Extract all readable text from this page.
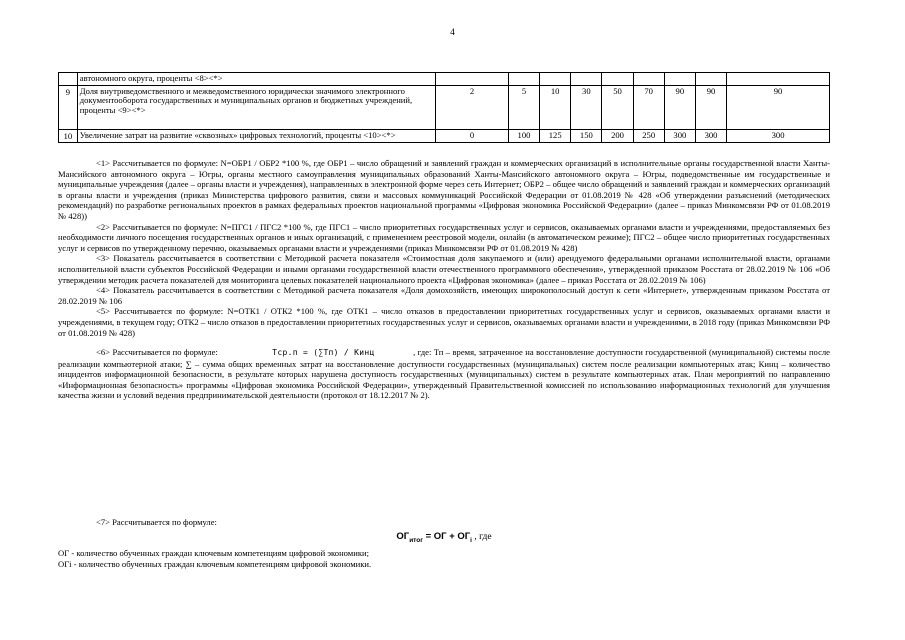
4
	автономного округа, проценты <8><*>									
9	Доля внутриведомственного и межведомственного юридически значимого электронного документооборота государственных и муниципальных органов и бюджетных учреждений, проценты <9><*>	2	5	10	30	50	70	90	90	90
10	Увеличение затрат на развитие «сквозных» цифровых технологий, проценты <10><*>	0	100	125	150	200	250	300	300	300

<1> Рассчитывается по формуле: N=ОБР1 / ОБР2 *100 %, где ОБР1 – число обращений и заявлений граждан и коммерческих организаций в исполнительные органы государственной власти Ханты-Мансийского автономного округа – Югры, органы местного самоуправления муниципальных образований Ханты-Мансийского автономного округа – Югры, подведомственные им государственные и муниципальные учреждения (далее – органы власти и учреждения), направленных в электронной форме через сеть Интернет; ОБР2 – общее число обращений и заявлений граждан и коммерческих организаций в органы власти и учреждения (приказ Министерства цифрового развития, связи и массовых коммуникаций Российской Федерации от 01.08.2019 № 428 «Об утверждении разъяснений (методических рекомендаций) по разработке региональных проектов в рамках федеральных проектов национальной программы «Цифровая экономика Российской Федерации» (далее – приказ Минкомсвязи РФ от 01.08.2019 № 428))

<2> Рассчитывается по формуле: N=ПГС1 / ПГС2 *100 %, где ПГС1 – число приоритетных государственных услуг и сервисов, оказываемых органами власти и учреждениями, предоставляемых без необходимости личного посещения государственных органов и иных организаций, с применением реестровой модели, онлайн (в автоматическом режиме); ПГС2 – общее число приоритетных государственных услуг и сервисов по утвержденному перечню, оказываемых органами власти и учреждениями (приказ Минкомсвязи РФ от 01.08.2019 № 428)

<3> Показатель рассчитывается в соответствии с Методикой расчета показателя «Стоимостная доля закупаемого и (или) арендуемого федеральными органами исполнительной власти, органами исполнительной власти субъектов Российской Федерации и иными органами государственной власти отечественного программного обеспечения», утвержденной приказом Росстата от 28.02.2019 № 106 «Об утверждении методик расчета показателей для мониторинга целевых показателей национального проекта «Цифровая экономика» (далее – приказ Росстата от 28.02.2019 № 106)

<4> Показатель рассчитывается в соответствии с Методикой расчета показателя «Доля домохозяйств, имеющих широкополосный доступ к сети «Интернет», утвержденным приказом Росстата от 28.02.2019 № 106

<5> Рассчитывается по формуле: N=ОТК1 / ОТК2 *100 %, где ОТК1 – число отказов в предоставлении приоритетных государственных услуг и сервисов, оказываемых органами власти и учреждениями, в текущем году; ОТК2 – число отказов в предоставлении приоритетных государственных услуг и сервисов, оказываемых органами власти и учреждениями, в 2018 году (приказ Минкомсвязи РФ от 01.08.2019 № 428)

<6> Рассчитывается по формуле:	Тср.п = (∑Тп) / Кинц	, где: Тп – время, затраченное на восстановление доступности государственной (муниципальной) системы после реализации компьютерной атаки; ∑ – сумма общих временных затрат на восстановление доступности государственных (муниципальных) систем после реализации компьютерных атак; Кинц – количество инцидентов информационной безопасности, в результате которых нарушена доступность государственных (муниципальных) систем в результате компьютерных атак. План мероприятий по направлению «Информационная безопасность» программы «Цифровая экономика Российской Федерации», утвержденный Правительственной комиссией по использованию информационных технологий для улучшения качества жизни и условий ведения предпринимательской деятельности (протокол от 18.12.2017 № 2).

<7> Рассчитывается по формуле:

$ОГ_{итог}$ = ОГ + $ОГ_i$ , где

ОГ - количество обученных граждан ключевым компетенциям цифровой экономики;

ОГi - количество обученных граждан ключевым компетенциям цифровой экономики.
